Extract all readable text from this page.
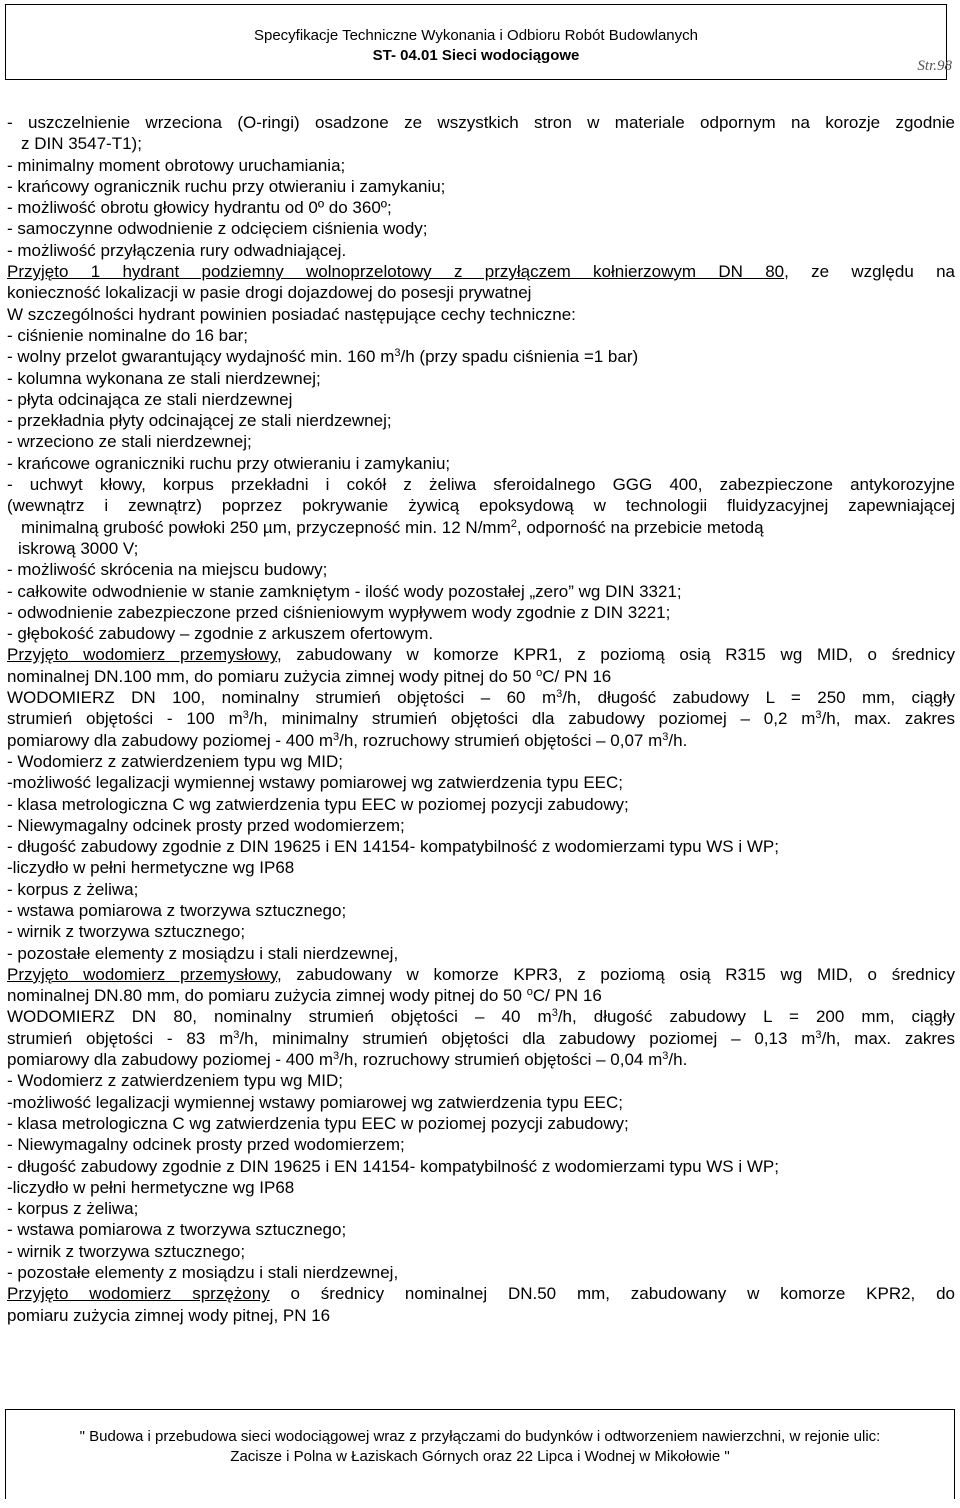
Specyfikacje Techniczne Wykonania i Odbioru Robót Budowlanych
ST- 04.01 Sieci wodociągowe
Str.98

- uszczelnienie wrzeciona (O-ringi) osadzone ze wszystkich stron w materiale odpornym na korozje zgodnie

z DIN 3547-T1);

- minimalny moment obrotowy uruchamiania;

- krańcowy ogranicznik ruchu przy otwieraniu i zamykaniu;

- możliwość obrotu głowicy hydrantu od 0º do 360º;

- samoczynne odwodnienie z odcięciem ciśnienia wody;

- możliwość przyłączenia rury odwadniającej.

Przyjęto 1 hydrant podziemny wolnoprzelotowy z przyłączem kołnierzowym DN 80, ze względu na

konieczność lokalizacji w pasie drogi dojazdowej do posesji prywatnej

W szczególności hydrant powinien posiadać następujące cechy techniczne:

- ciśnienie nominalne do 16 bar;

- wolny przelot gwarantujący wydajność min. 160 $m^3/h$ (przy spadu ciśnienia =1 bar)

- kolumna wykonana ze stali nierdzewnej;

- płyta odcinająca ze stali nierdzewnej

- przekładnia płyty odcinającej ze stali nierdzewnej;

- wrzeciono ze stali nierdzewnej;

- krańcowe ograniczniki ruchu przy otwieraniu i zamykaniu;

- uchwyt kłowy, korpus przekładni i cokół z żeliwa sferoidalnego GGG 400, zabezpieczone antykorozyjne

(wewnątrz i zewnątrz) poprzez pokrywanie żywicą epoksydową w technologii fluidyzacyjnej zapewniającej

minimalną grubość powłoki 250 µm, przyczepność min. 12 $N/mm^2$, odporność na przebicie metodą

iskrową 3000 V;

- możliwość skrócenia na miejscu budowy;

- całkowite odwodnienie w stanie zamkniętym - ilość wody pozostałej „zero” wg DIN 3321;

- odwodnienie zabezpieczone przed ciśnieniowym wypływem wody zgodnie z DIN 3221;

- głębokość zabudowy – zgodnie z arkuszem ofertowym.

Przyjęto wodomierz przemysłowy, zabudowany w komorze KPR1, z poziomą osią R315 wg MID, o średnicy

nominalnej DN.100 mm, do pomiaru zużycia zimnej wody pitnej do 50 $^o$C/ PN 16

WODOMIERZ DN 100, nominalny strumień objętości – 60 $m^3/h$, długość zabudowy L = 250 mm, ciągły

strumień objętości - 100 $m^3/h$, minimalny strumień objętości dla zabudowy poziomej – 0,2 $m^3/h$, max. zakres

pomiarowy dla zabudowy poziomej - 400 $m^3/h$, rozruchowy strumień objętości – 0,07 $m^3/h$.

- Wodomierz z zatwierdzeniem typu wg MID;

-możliwość legalizacji wymiennej wstawy pomiarowej wg zatwierdzenia typu EEC;

- klasa metrologiczna C wg zatwierdzenia typu EEC w poziomej pozycji zabudowy;

- Niewymagalny odcinek prosty przed wodomierzem;

- długość zabudowy zgodnie z DIN 19625 i EN 14154- kompatybilność z wodomierzami typu WS i WP;

-liczydło w pełni hermetyczne wg IP68

- korpus z żeliwa;

- wstawa pomiarowa z tworzywa sztucznego;

- wirnik z tworzywa sztucznego;

- pozostałe elementy z mosiądzu i stali nierdzewnej,

Przyjęto wodomierz przemysłowy, zabudowany w komorze KPR3, z poziomą osią R315 wg MID, o średnicy

nominalnej DN.80 mm, do pomiaru zużycia zimnej wody pitnej do 50 $^o$C/ PN 16

WODOMIERZ DN 80, nominalny strumień objętości – 40 $m^3/h$, długość zabudowy L = 200 mm, ciągły

strumień objętości - 83 $m^3/h$, minimalny strumień objętości dla zabudowy poziomej – 0,13 $m^3/h$, max. zakres

pomiarowy dla zabudowy poziomej - 400 $m^3/h$, rozruchowy strumień objętości – 0,04 $m^3/h$.

- Wodomierz z zatwierdzeniem typu wg MID;

-możliwość legalizacji wymiennej wstawy pomiarowej wg zatwierdzenia typu EEC;

- klasa metrologiczna C wg zatwierdzenia typu EEC w poziomej pozycji zabudowy;

- Niewymagalny odcinek prosty przed wodomierzem;

- długość zabudowy zgodnie z DIN 19625 i EN 14154- kompatybilność z wodomierzami typu WS i WP;

-liczydło w pełni hermetyczne wg IP68

- korpus z żeliwa;

- wstawa pomiarowa z tworzywa sztucznego;

- wirnik z tworzywa sztucznego;

- pozostałe elementy z mosiądzu i stali nierdzewnej,

Przyjęto wodomierz sprzężony o średnicy nominalnej DN.50 mm, zabudowany w komorze KPR2, do

pomiaru zużycia zimnej wody pitnej, PN 16

" Budowa i przebudowa sieci wodociągowej wraz z przyłączami do budynków i odtworzeniem nawierzchni, w rejonie ulic:
Zacisze i Polna w Łaziskach Górnych oraz 22 Lipca i Wodnej w Mikołowie "
